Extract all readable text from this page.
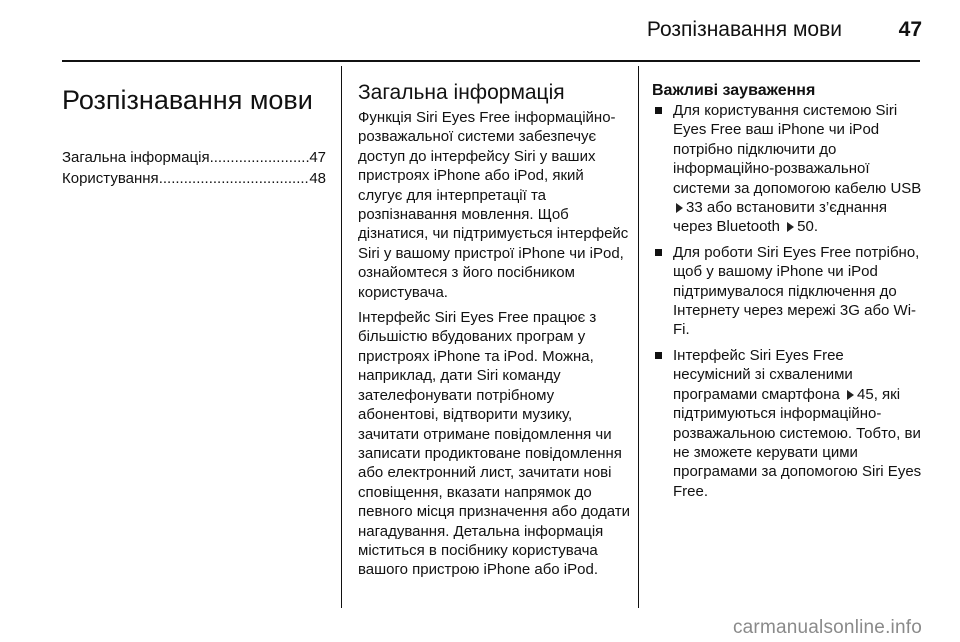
Розпізнавання мови	47
Розпізнавання мови
Загальна інформація .....	47
Користування .....	48
Загальна інформація

Функція Siri Eyes Free інформаційно-розважальної системи забезпечує доступ до інтерфейсу Siri у ваших пристроях iPhone або iPod, який слугує для інтерпретації та розпізнавання мовлення. Щоб дізнатися, чи підтримується інтерфейс Siri у вашому пристрої iPhone чи iPod, ознайомтеся з його посібником користувача.

Інтерфейс Siri Eyes Free працює з більшістю вбудованих програм у пристроях iPhone та iPod. Можна, наприклад, дати Siri команду зателефонувати потрібному абонентові, відтворити музику, зачитати отримане повідомлення чи записати продиктоване повідомлення або електронний лист, зачитати нові сповіщення, вказати напрямок до певного місця призначення або додати нагадування. Детальна інформація міститься в посібнику користувача вашого пристрою iPhone або iPod.

Важливі зауваження
Для користування системою Siri Eyes Free ваш iPhone чи iPod потрібно підключити до інформаційно-розважальної системи за допомогою кабелю USB 33 або встановити з’єднання через Bluetooth 50.
Для роботи Siri Eyes Free потрібно, щоб у вашому iPhone чи iPod підтримувалося підключення до Інтернету через мережі 3G або Wi-Fi.
Інтерфейс Siri Eyes Free несумісний зі схваленими програмами смартфона 45, які підтримуються інформаційно-розважальною системою. Тобто, ви не зможете керувати цими програмами за допомогою Siri Eyes Free.
carmanualsonline.info
